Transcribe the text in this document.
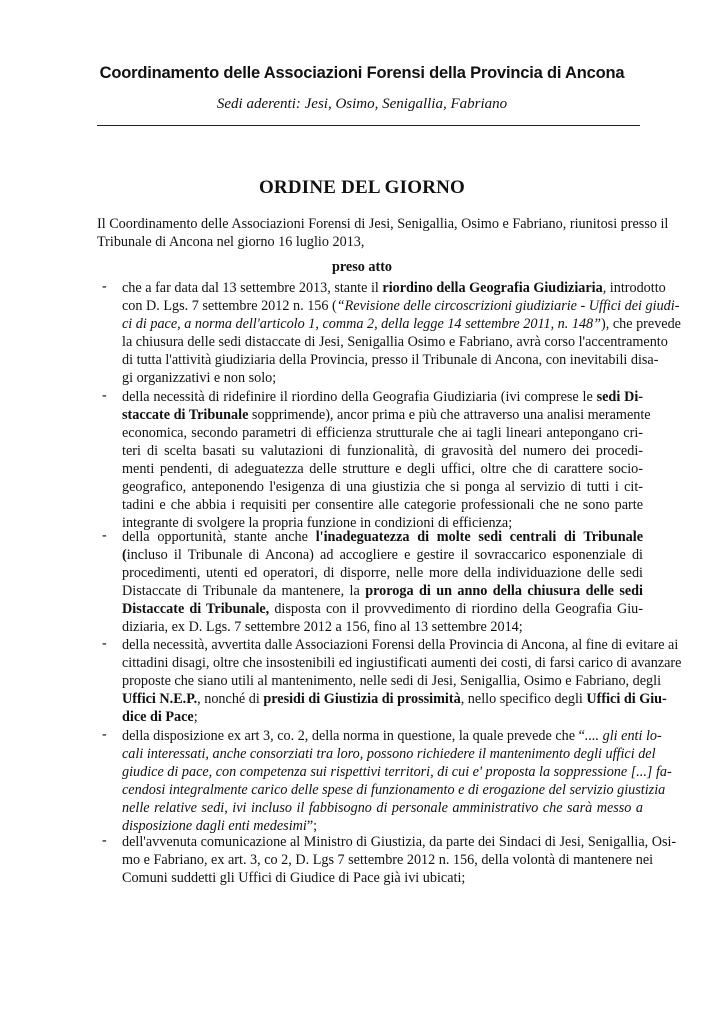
Coordinamento delle Associazioni Forensi della Provincia di Ancona
Sedi aderenti: Jesi, Osimo, Senigallia, Fabriano
ORDINE DEL GIORNO
Il Coordinamento delle Associazioni Forensi di Jesi, Senigallia, Osimo e Fabriano, riunitosi presso il
Tribunale di Ancona nel giorno 16 luglio 2013,
preso atto
- che a far data dal 13 settembre 2013, stante il riordino della Geografia Giudiziaria, introdotto
con D. Lgs. 7 settembre 2012 n. 156 (“Revisione delle circoscrizioni giudiziarie - Uffici dei giudi-
ci di pace, a norma dell'articolo 1, comma 2, della legge 14 settembre 2011, n. 148”), che prevede
la chiusura delle sedi distaccate di Jesi, Senigallia Osimo e Fabriano, avrà corso l'accentramento
di tutta l'attività giudiziaria della Provincia, presso il Tribunale di Ancona, con inevitabili disa-
gi organizzativi e non solo;
- della necessità di ridefinire il riordino della Geografia Giudiziaria (ivi comprese le sedi Di-
staccate di Tribunale sopprimende), ancor prima e più che attraverso una analisi meramente
economica, secondo parametri di efficienza strutturale che ai tagli lineari antepongano cri-
teri di scelta basati su valutazioni di funzionalità, di gravosità del numero dei procedi-
menti pendenti, di adeguatezza delle strutture e degli uffici, oltre che di carattere socio-
geografico, anteponendo l'esigenza di una giustizia che si ponga al servizio di tutti i cit-
tadini e che abbia i requisiti per consentire alle categorie professionali che ne sono parte
integrante di svolgere la propria funzione in condizioni di efficienza;
- della opportunità, stante anche l'inadeguatezza di molte sedi centrali di Tribunale
(incluso il Tribunale di Ancona) ad accogliere e gestire il sovraccarico esponenziale di
procedimenti, utenti ed operatori, di disporre, nelle more della individuazione delle sedi
Distaccate di Tribunale da mantenere, la proroga di un anno della chiusura delle sedi
Distaccate di Tribunale, disposta con il provvedimento di riordino della Geografia Giu-
diziaria, ex D. Lgs. 7 settembre 2012 a 156, fino al 13 settembre 2014;
- della necessità, avvertita dalle Associazioni Forensi della Provincia di Ancona, al fine di evitare ai
cittadini disagi, oltre che insostenibili ed ingiustificati aumenti dei costi, di farsi carico di avanzare
proposte che siano utili al mantenimento, nelle sedi di Jesi, Senigallia, Osimo e Fabriano, degli
Uffici N.E.P., nonché di presidi di Giustizia di prossimità, nello specifico degli Uffici di Giu-
dice di Pace;
- della disposizione ex art 3, co. 2, della norma in questione, la quale prevede che “.... gli enti lo-
cali interessati, anche consorziati tra loro, possono richiedere il mantenimento degli uffici del
giudice di pace, con competenza sui rispettivi territori, di cui e' proposta la soppressione [...] fa-
cendosi integralmente carico delle spese di funzionamento e di erogazione del servizio giustizia
nelle relative sedi, ivi incluso il fabbisogno di personale amministrativo che sarà messo a
disposizione dagli enti medesimi”;
- dell'avvenuta comunicazione al Ministro di Giustizia, da parte dei Sindaci di Jesi, Senigallia, Osi-
mo e Fabriano, ex art. 3, co 2, D. Lgs 7 settembre 2012 n. 156, della volontà di mantenere nei
Comuni suddetti gli Uffici di Giudice di Pace già ivi ubicati;
